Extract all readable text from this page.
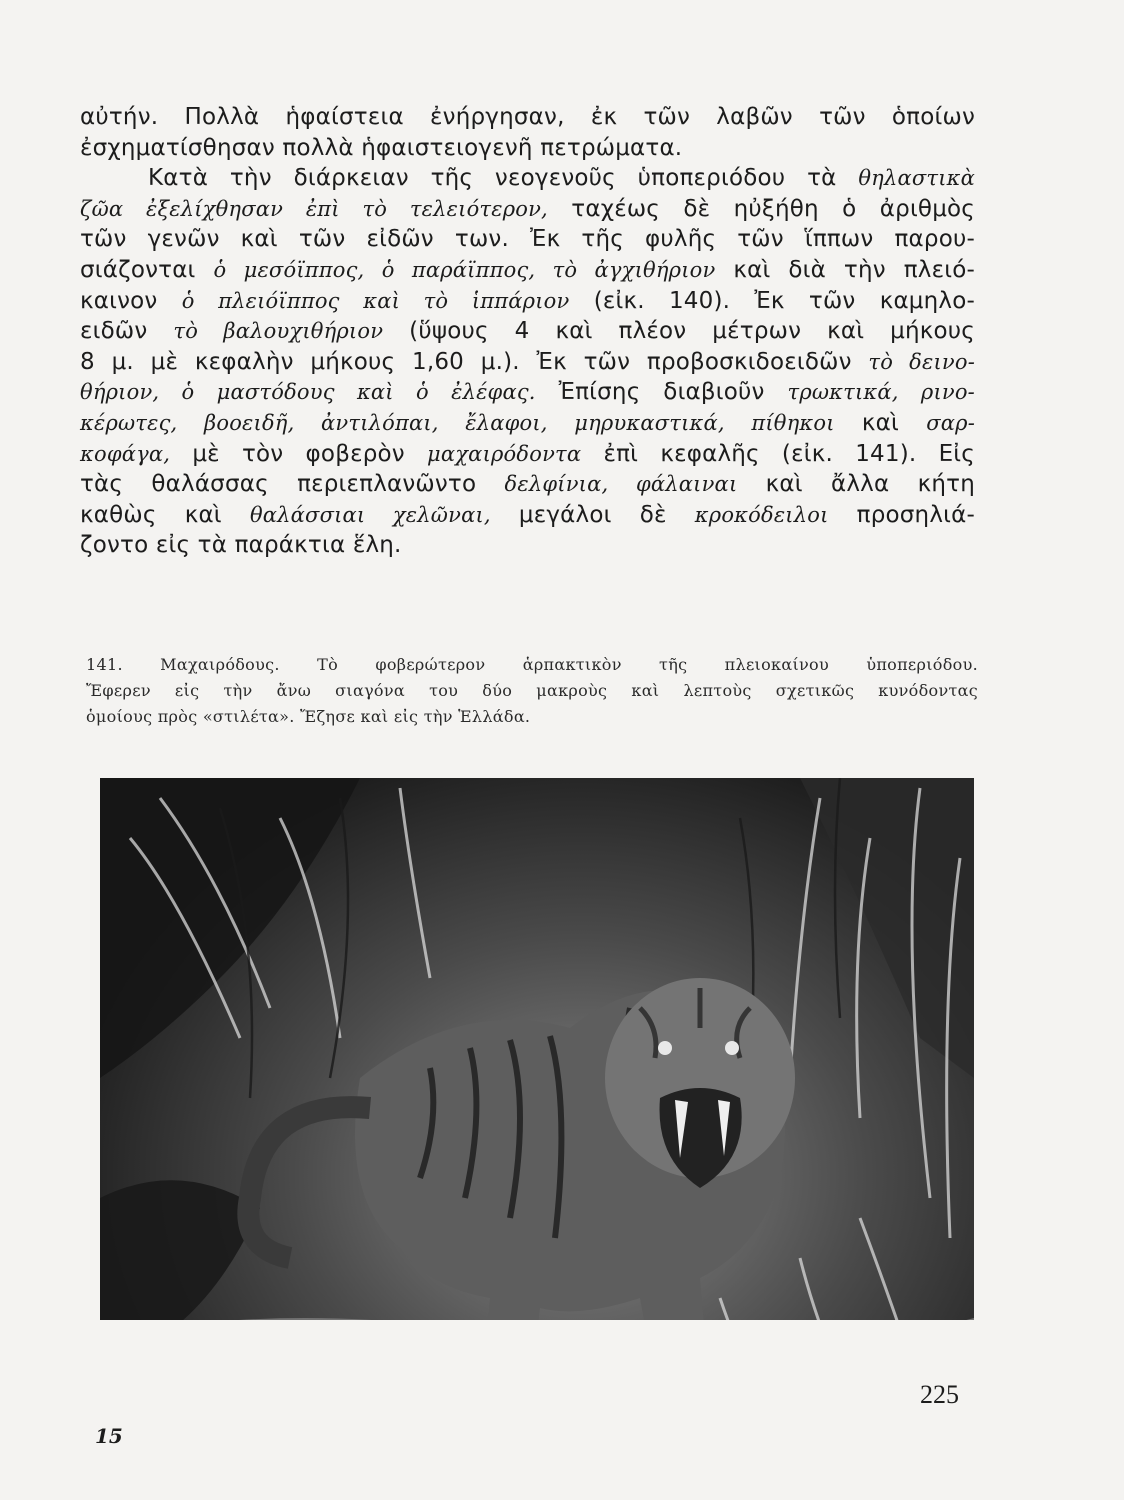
αὐτήν. Πολλὰ ἡφαίστεια ἐνήργησαν, ἐκ τῶν λαβῶν τῶν ὁποίων
ἐσχηματίσθησαν πολλὰ ἡφαιστειογενῆ πετρώματα.
Κατὰ τὴν διάρκειαν τῆς νεογενοῦς ὑποπεριόδου τὰ θηλαστικὰ
ζῶα ἐξελίχθησαν ἐπὶ τὸ τελειότερον, ταχέως δὲ ηὐξήθη ὁ ἀριθμὸς
τῶν γενῶν καὶ τῶν εἰδῶν των. Ἐκ τῆς φυλῆς τῶν ἵππων παρου-
σιάζονται ὁ μεσόϊππος, ὁ παράϊππος, τὸ ἀγχιθήριον καὶ διὰ τὴν πλειό-
καινον ὁ πλειόϊππος καὶ τὸ ἱππάριον (εἰκ. 140). Ἐκ τῶν καμηλο-
ειδῶν τὸ βαλουχιθήριον (ὕψους 4 καὶ πλέον μέτρων καὶ μήκους
8 μ. μὲ κεφαλὴν μήκους 1,60 μ.). Ἐκ τῶν προβοσκιδοειδῶν τὸ δεινο-
θήριον, ὁ μαστόδους καὶ ὁ ἐλέφας. Ἐπίσης διαβιοῦν τρωκτικά, ρινο-
κέρωτες, βοοειδῆ, ἀντιλόπαι, ἔλαφοι, μηρυκαστικά, πίθηκοι καὶ σαρ-
κοφάγα, μὲ τὸν φοβερὸν μαχαιρόδοντα ἐπὶ κεφαλῆς (εἰκ. 141). Εἰς
τὰς θαλάσσας περιεπλανῶντο δελφίνια, φάλαιναι καὶ ἄλλα κήτη
καθὼς καὶ θαλάσσιαι χελῶναι, μεγάλοι δὲ κροκόδειλοι προσηλιά-
ζοντο εἰς τὰ παράκτια ἕλη.
141. Μαχαιρόδους. Τὸ φοβερώτερον ἁρπακτικὸν τῆς πλειοκαίνου ὑποπεριόδου.
Ἔφερεν εἰς τὴν ἄνω σιαγόνα του δύο μακροὺς καὶ λεπτοὺς σχετικῶς κυνόδοντας
ὁμοίους πρὸς «στιλέτα». Ἔζησε καὶ εἰς τὴν Ἑλλάδα.
225
15
